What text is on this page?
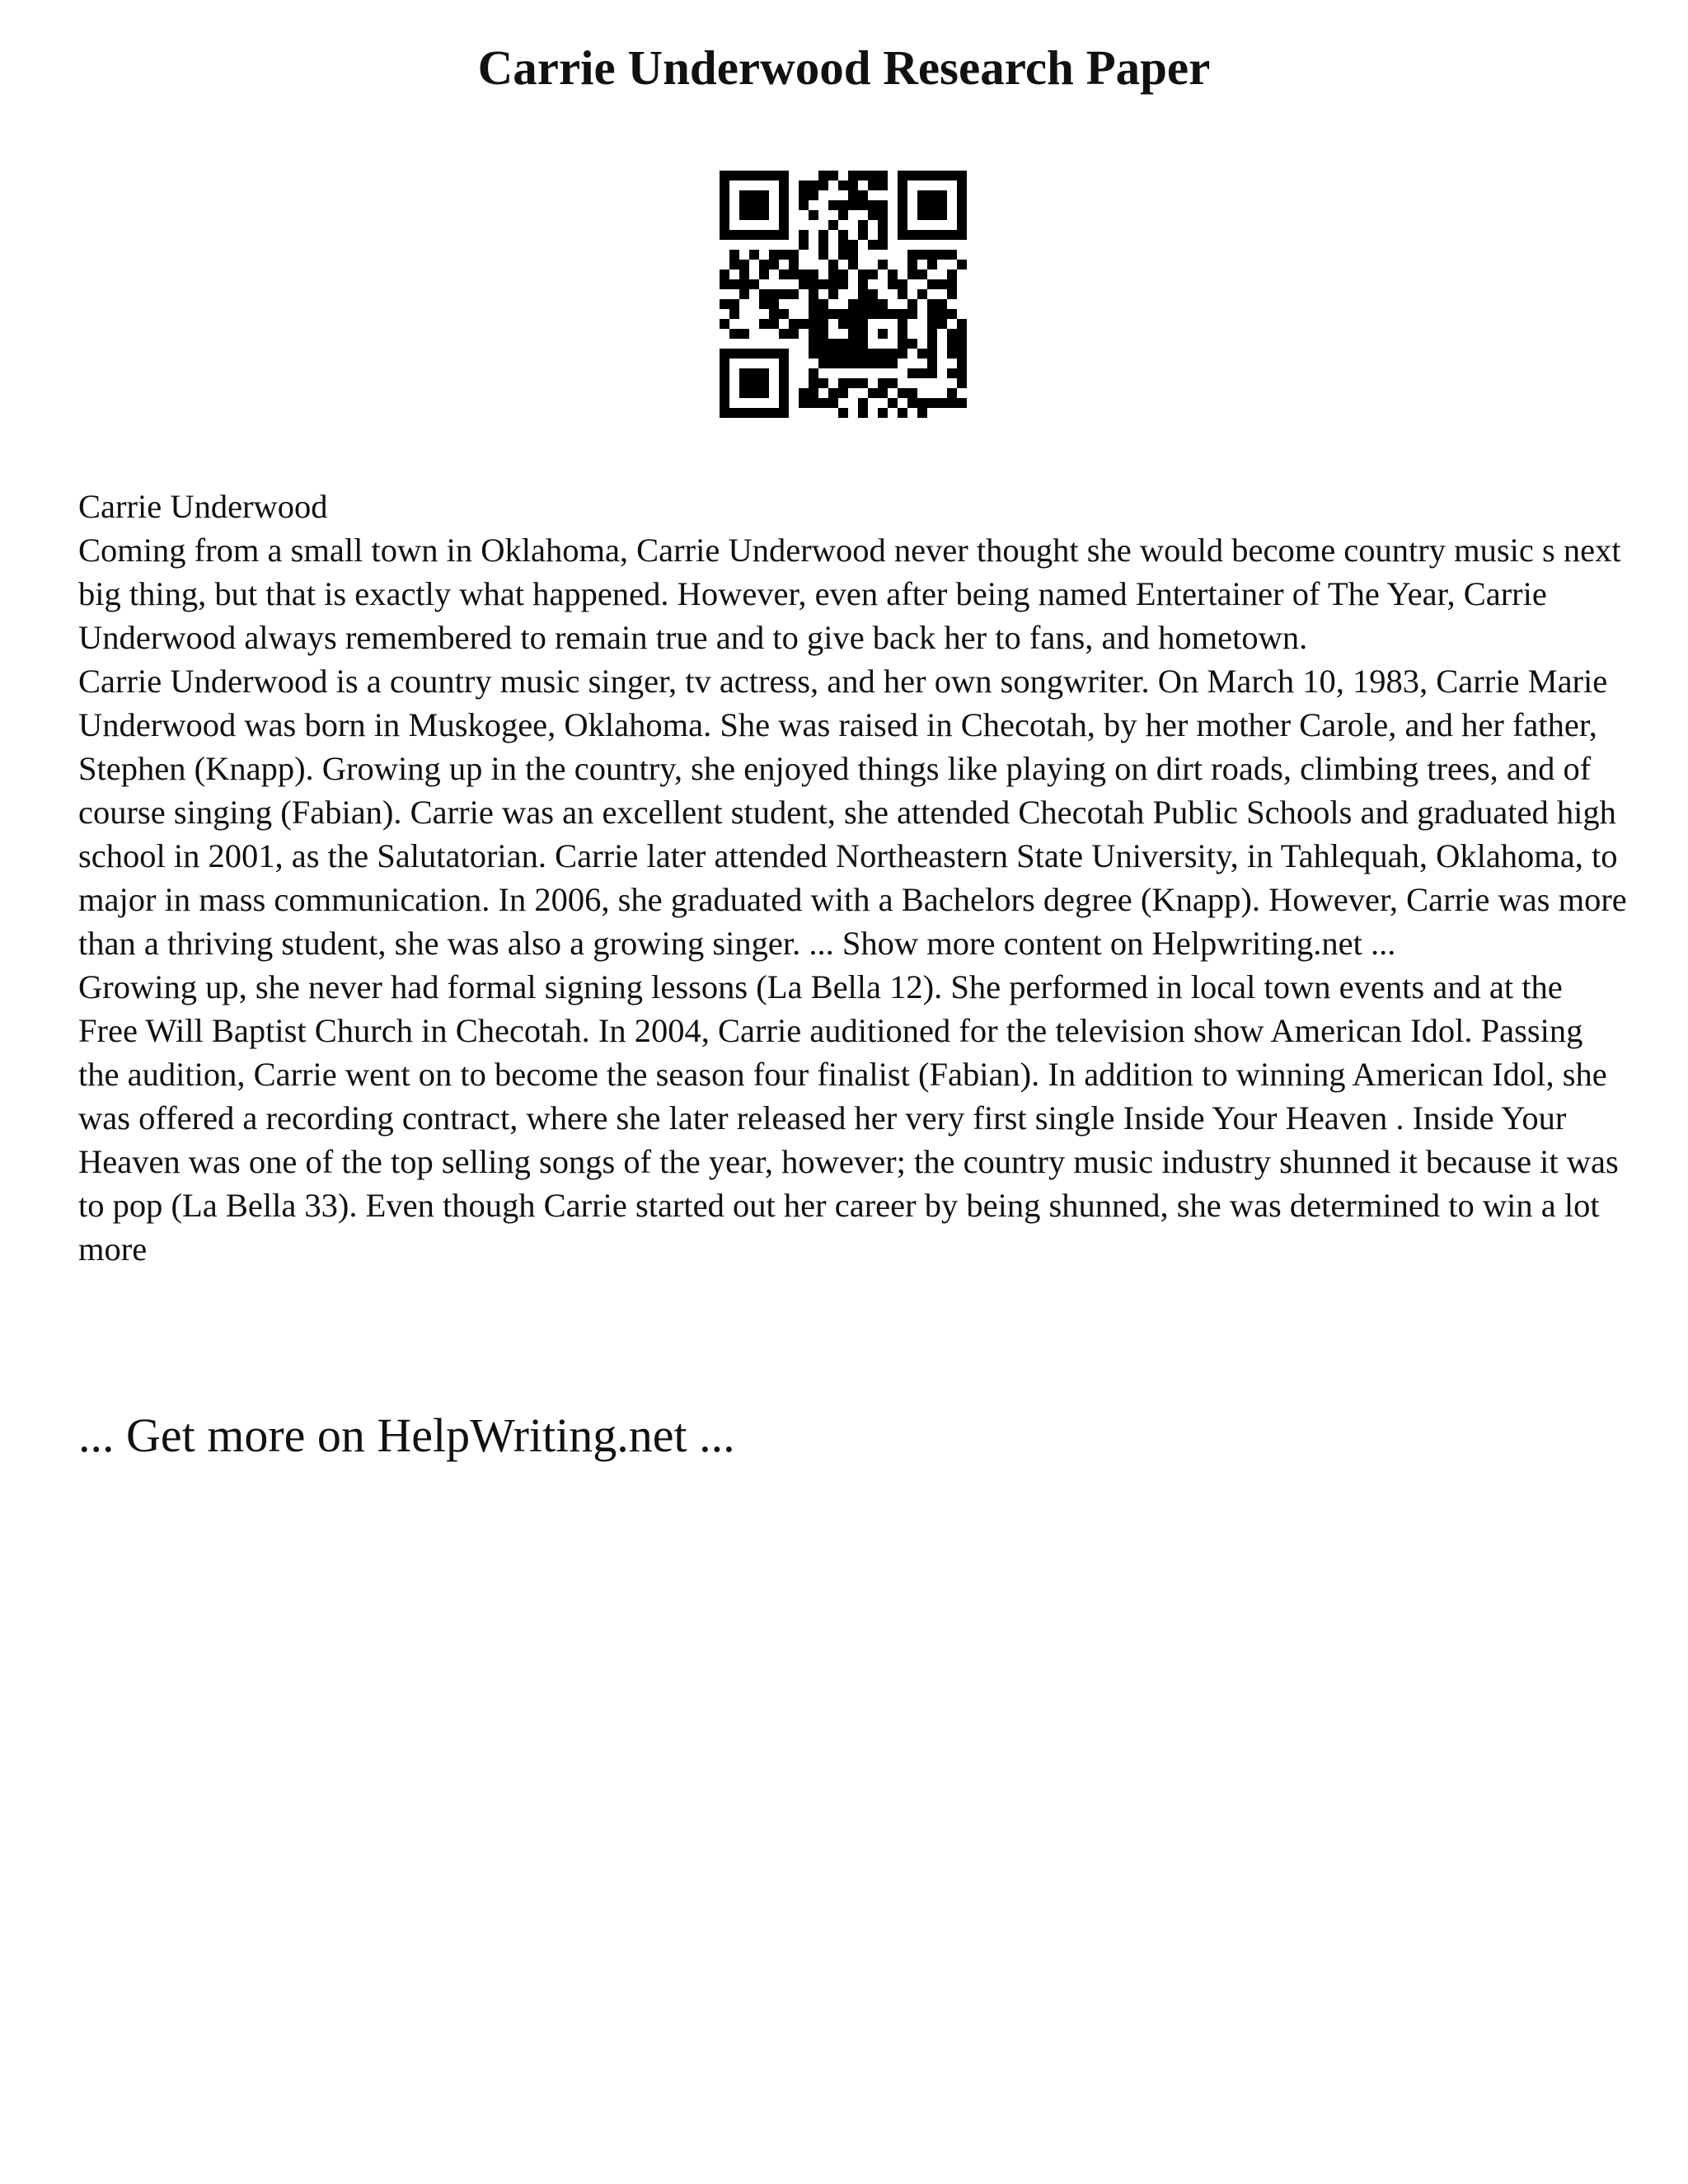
Carrie Underwood Research Paper

Carrie Underwood

Coming from a small town in Oklahoma, Carrie Underwood never thought she would become country music s next big thing, but that is exactly what happened. However, even after being named Entertainer of The Year, Carrie Underwood always remembered to remain true and to give back her to fans, and hometown.

Carrie Underwood is a country music singer, tv actress, and her own songwriter. On March 10, 1983, Carrie Marie Underwood was born in Muskogee, Oklahoma. She was raised in Checotah, by her mother Carole, and her father, Stephen (Knapp). Growing up in the country, she enjoyed things like playing on dirt roads, climbing trees, and of course singing (Fabian). Carrie was an excellent student, she attended Checotah Public Schools and graduated high school in 2001, as the Salutatorian. Carrie later attended Northeastern State University, in Tahlequah, Oklahoma, to major in mass communication. In 2006, she graduated with a Bachelors degree (Knapp). However, Carrie was more than a thriving student, she was also a growing singer. ... Show more content on Helpwriting.net ...

Growing up, she never had formal signing lessons (La Bella 12). She performed in local town events and at the Free Will Baptist Church in Checotah. In 2004, Carrie auditioned for the television show American Idol. Passing the audition, Carrie went on to become the season four finalist (Fabian). In addition to winning American Idol, she was offered a recording contract, where she later released her very first single Inside Your Heaven . Inside Your Heaven was one of the top selling songs of the year, however; the country music industry shunned it because it was to pop (La Bella 33). Even though Carrie started out her career by being shunned, she was determined to win a lot more

... Get more on HelpWriting.net ...
